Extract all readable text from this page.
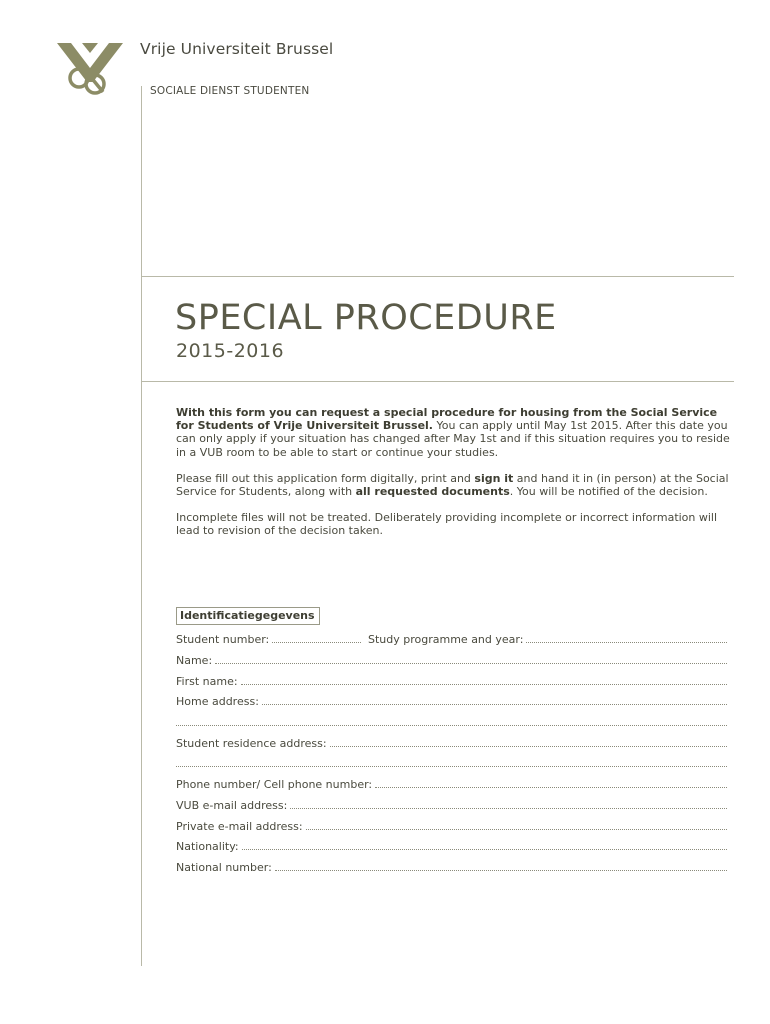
Vrije Universiteit Brussel
SOCIALE DIENST STUDENTEN
SPECIAL PROCEDURE
2015-2016

With this form you can request a special procedure for housing from the Social Service for Students of Vrije Universiteit Brussel. You can apply until May 1st 2015. After this date you can only apply if your situation has changed after May 1st and if this situation requires you to reside in a VUB room to be able to start or continue your studies.

Please fill out this application form digitally, print and sign it and hand it in (in person) at the Social Service for Students, along with all requested documents. You will be notified of the decision.

Incomplete files will not be treated. Deliberately providing incomplete or incorrect information will lead to revision of the decision taken.

Identificatiegegevens
Student number:	Study programme and year:
Name:
First name:
Home address:
Student residence address:
Phone number/ Cell phone number:
VUB e-mail address:
Private e-mail address:
Nationality:
National number:
